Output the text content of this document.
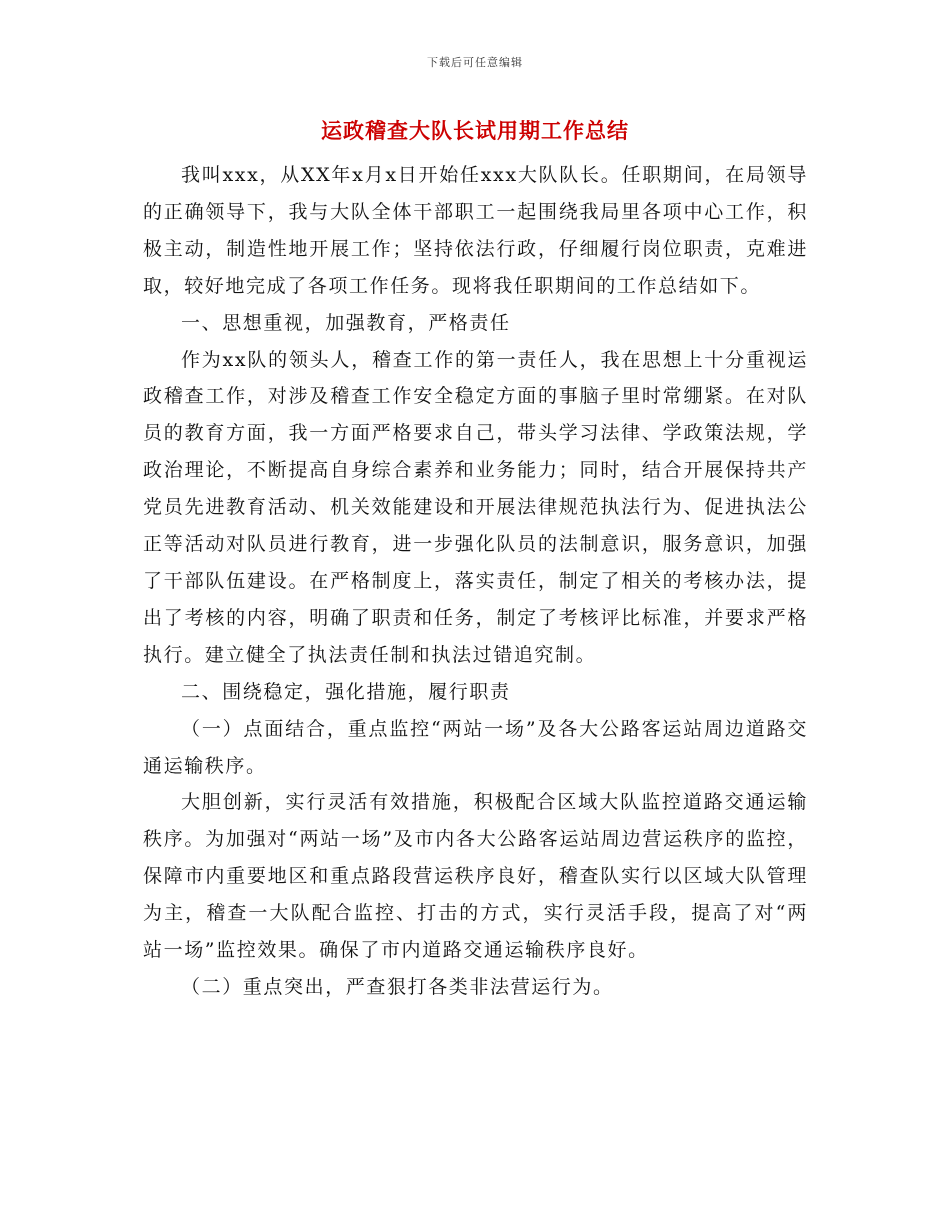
下载后可任意编辑
运政稽查大队长试用期工作总结

我叫xxx，从XX年x月x日开始任xxx大队队长。任职期间，在局领导的正确领导下，我与大队全体干部职工一起围绕我局里各项中心工作，积极主动，制造性地开展工作；坚持依法行政，仔细履行岗位职责，克难进取，较好地完成了各项工作任务。现将我任职期间的工作总结如下。

一、思想重视，加强教育，严格责任

作为xx队的领头人，稽查工作的第一责任人，我在思想上十分重视运政稽查工作，对涉及稽查工作安全稳定方面的事脑子里时常绷紧。在对队员的教育方面，我一方面严格要求自己，带头学习法律、学政策法规，学政治理论，不断提高自身综合素养和业务能力；同时，结合开展保持共产党员先进教育活动、机关效能建设和开展法律规范执法行为、促进执法公正等活动对队员进行教育，进一步强化队员的法制意识，服务意识，加强了干部队伍建设。在严格制度上，落实责任，制定了相关的考核办法，提出了考核的内容，明确了职责和任务，制定了考核评比标准，并要求严格执行。建立健全了执法责任制和执法过错追究制。

二、围绕稳定，强化措施，履行职责

（一）点面结合，重点监控“两站一场”及各大公路客运站周边道路交通运输秩序。

大胆创新，实行灵活有效措施，积极配合区域大队监控道路交通运输秩序。为加强对“两站一场”及市内各大公路客运站周边营运秩序的监控，保障市内重要地区和重点路段营运秩序良好，稽查队实行以区域大队管理为主，稽查一大队配合监控、打击的方式，实行灵活手段，提高了对“两站一场”监控效果。确保了市内道路交通运输秩序良好。

（二）重点突出，严查狠打各类非法营运行为。
